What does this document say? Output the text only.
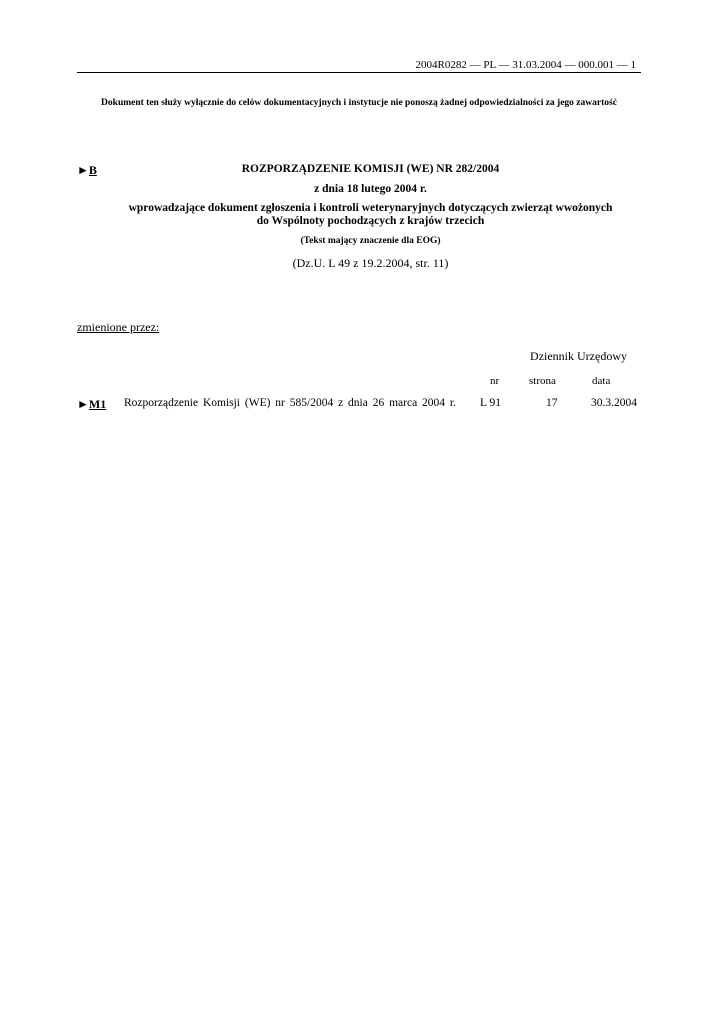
2004R0282 — PL — 31.03.2004 — 000.001 — 1
Dokument ten służy wyłącznie do celów dokumentacyjnych i instytucje nie ponoszą żadnej odpowiedzialności za jego zawartość
►B	ROZPORZĄDZENIE KOMISJI (WE) NR 282/2004
z dnia 18 lutego 2004 r.
wprowadzające dokument zgłoszenia i kontroli weterynaryjnych dotyczących zwierząt wwożonych
do Wspólnoty pochodzących z krajów trzecich
(Tekst mający znaczenie dla EOG)
(Dz.U. L 49 z 19.2.2004, str. 11)
zmienione przez:
Dziennik Urzędowy
nr	strona	data
►M1 Rozporządzenie Komisji (WE) nr 585/2004 z dnia 26 marca 2004 r. L 91	17	30.3.2004
